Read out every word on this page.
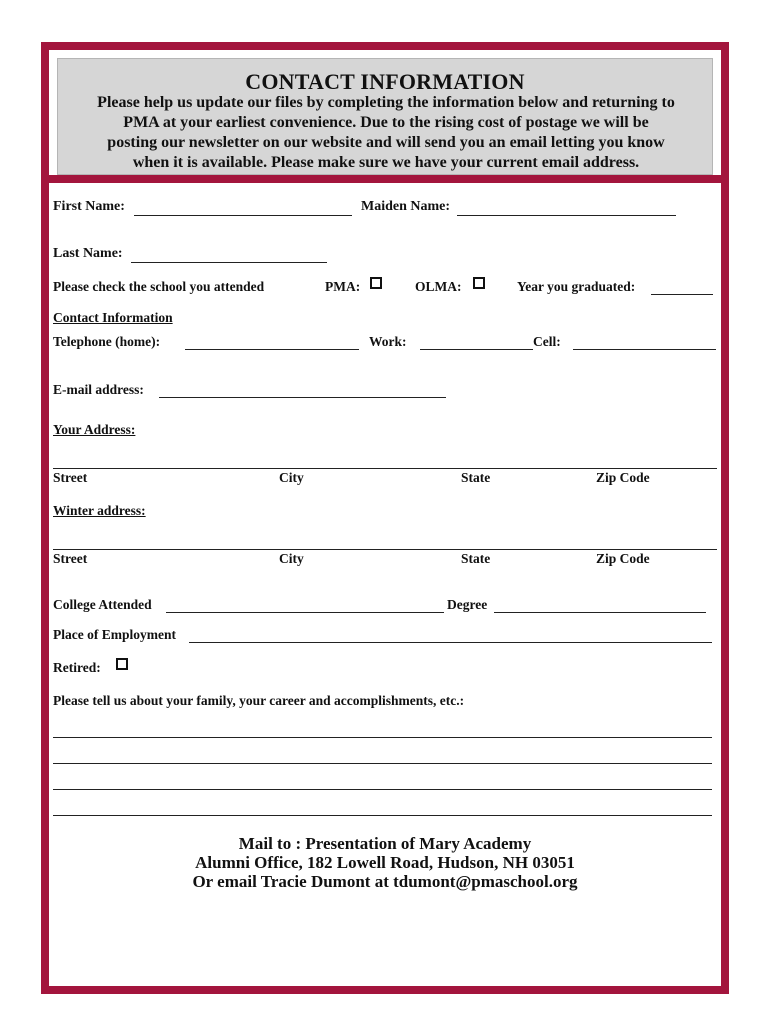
CONTACT INFORMATION
Please help us update our files by completing the information below and returning to
PMA at your earliest convenience. Due to the rising cost of postage we will be
posting our newsletter on our website and will send you an email letting you know
when it is available. Please make sure we have your current email address.
First Name:	Maiden Name:
Last Name:
Please check the school you attended	PMA:	OLMA:	Year you graduated:
Contact Information
Telephone (home):	Work:	Cell:
E-mail address:
Your Address:
Street	City	State	Zip Code
Winter address:
Street	City	State	Zip Code
College Attended	Degree
Place of Employment
Retired:
Please tell us about your family, your career and accomplishments, etc.:
Mail to : Presentation of Mary Academy
Alumni Office, 182 Lowell Road, Hudson, NH 03051
Or email Tracie Dumont at tdumont@pmaschool.org
